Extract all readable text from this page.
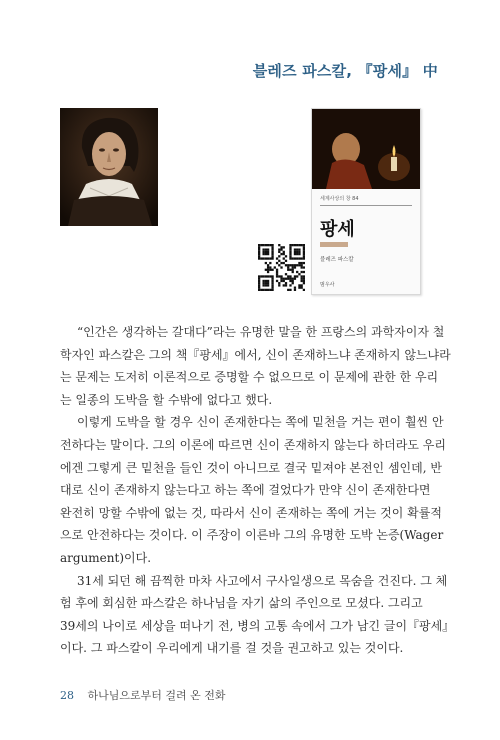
블레즈 파스칼, 『팡세』 中
세계사상의 창 84
팡세
블레즈 파스칼
범우사

“인간은 생각하는 갈대다”라는 유명한 말을 한 프랑스의 과학자이자 철
학자인 파스칼은 그의 책『팡세』에서, 신이 존재하느냐 존재하지 않느냐라
는 문제는 도저히 이론적으로 증명할 수 없으므로 이 문제에 관한 한 우리
는 일종의 도박을 할 수밖에 없다고 했다.

이렇게 도박을 할 경우 신이 존재한다는 쪽에 밑천을 거는 편이 훨씬 안
전하다는 말이다. 그의 이론에 따르면 신이 존재하지 않는다 하더라도 우리
에겐 그렇게 큰 밑천을 들인 것이 아니므로 결국 밑져야 본전인 셈인데, 반
대로 신이 존재하지 않는다고 하는 쪽에 걸었다가 만약 신이 존재한다면
완전히 망할 수밖에 없는 것, 따라서 신이 존재하는 쪽에 거는 것이 확률적
으로 안전하다는 것이다. 이 주장이 이른바 그의 유명한 도박 논증(Wager
argument)이다.

31세 되던 해 끔찍한 마차 사고에서 구사일생으로 목숨을 건진다. 그 체
험 후에 회심한 파스칼은 하나님을 자기 삶의 주인으로 모셨다. 그리고
39세의 나이로 세상을 떠나기 전, 병의 고통 속에서 그가 남긴 글이『팡세』
이다. 그 파스칼이 우리에게 내기를 걸 것을 권고하고 있는 것이다.

28 하나님으로부터 걸려 온 전화
